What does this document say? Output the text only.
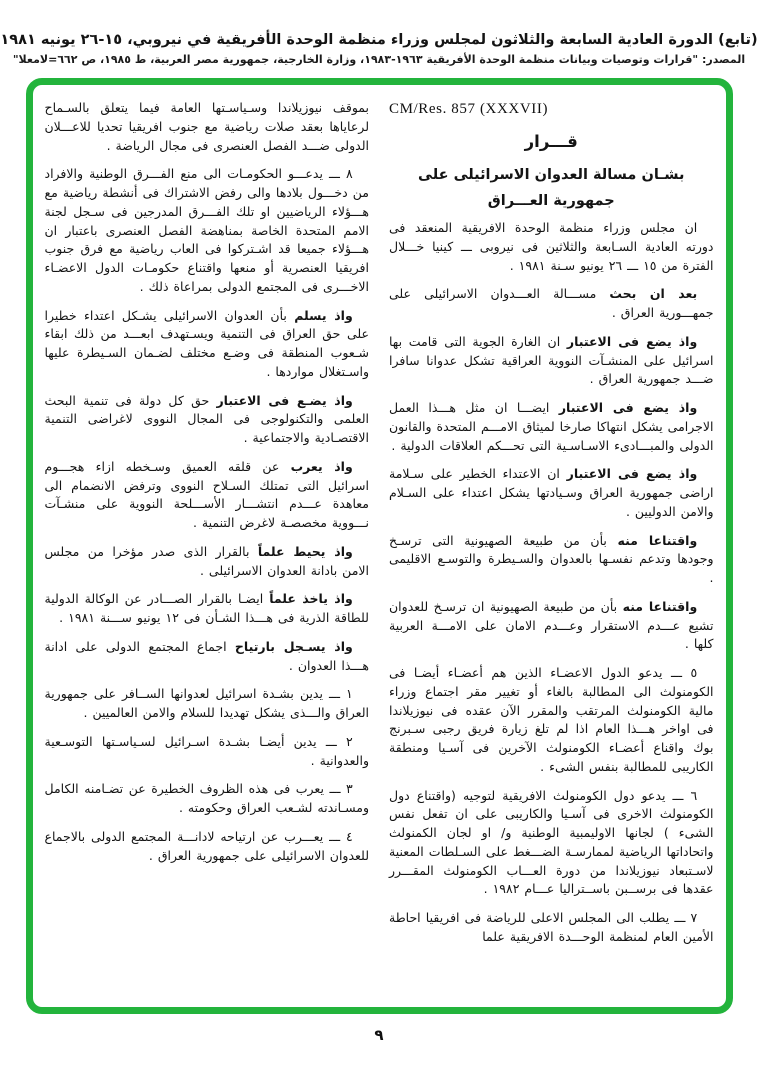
(تابع) الدورة العادية السابعة والثلاثون لمجلس وزراء منظمة الوحدة الأفريقية في نيروبي، ١٥-٢٦ يونيه ١٩٨١
المصدر: "قرارات وتوصيات وبيانات منظمة الوحدة الأفريقية ١٩٦٣-١٩٨٣، وزارة الخارجية، جمهورية مصر العربية، ط ١٩٨٥، ص ٦٦٢=لامعلا"
CM/Res. 857 (XXXVII)
قـــرار
بشـان مسالة العدوان الاسرائيلى على
جمهورية العـــراق

ان مجلس وزراء منظمة الوحدة الافريقية المنعقد فى دورته العادية السـابعة والثلاثين فى نيروبى ـــ كينيا خـــلال الفترة من ١٥ ـــ ٢٦ يونيو سـنة ١٩٨١ .

بعد ان بحث مســـالة العـــدوان الاسرائيلى على جمهـــورية العراق .

واذ يضع فى الاعتبار ان الغارة الجوية التى قامت بها اسرائيل على المنشـآت النووية العراقية تشكل عدوانا سافرا ضـــد جمهورية العراق .

واذ يضع فى الاعتبار ايضـــا ان مثل هـــذا العمل الاجرامى يشكل انتهاكا صارخا لميثاق الامـــم المتحدة والقانون الدولى والمبـــادىء الاسـاسـية التى تحـــكم العلاقات الدولية .

واذ يضع فى الاعتبار ان الاعتداء الخطير على سـلامة اراضى جمهورية العراق وسـيادتها يشكل اعتداء على السـلام والامن الدوليين .

واقتناعا منه بأن من طبيعة الصهيونية التى ترسـخ وجودها وتدعم نفسـها بالعدوان والسـيطرة والتوسـع الاقليمى .

واقتناعا منه بأن من طبيعة الصهيونية ان ترسـخ للعدوان تشيع عـــدم الاستقرار وعـــدم الامان على الامـــة العربية كلها .

٥ ـــ يدعو الدول الاعضـاء الذين هم أعضـاء أيضـا فى الكومنولث الى المطالبة بالغاء أو تغيير مقر اجتماع وزراء مالية الكومنولث المرتقب والمقرر الآن عقده فى نيوزيلاندا فى اواخر هـــذا العام اذا لم تلغ زيارة فريق رجبى سـبرنج بوك واقناع أعضـاء الكومنولث الآخرين فى آسـيا ومنطقة الكاريبى للمطالبة بنفس الشىء .

٦ ـــ يدعو دول الكومنولث الافريقية لتوجيه (واقتناع دول الكومنولث الاخرى فى آسـيا والكاريبى على ان تفعل نفس الشىء ) لجانها الاوليمبية الوطنية و/ او لجان الكمنولث واتحاداتها الرياضية لممارسـة الضـــغط على السـلطات المعنية لاسـتبعاد نيوزيلاندا من دورة العـــاب الكومنولث المقـــرر عقدها فى برســبن باســتراليا عـــام ١٩٨٢ .

٧ ـــ يطلب الى المجلس الاعلى للرياضة فى افريقيا احاطة الأمين العام لمنظمة الوحـــدة الافريقية علما

بموقف نيوزيلاندا وسـياسـتها العامة فيما يتعلق بالسـماح لرعاياها بعقد صلات رياضية مع جنوب افريقيا تحديا للاعـــلان الدولى ضـــد الفصل العنصرى فى مجال الرياضة .

٨ ـــ يدعـــو الحكومـات الى منع الفـــرق الوطنية والافراد من دخـــول بلادها والى رفض الاشتراك فى أنشطة رياضية مع هـــؤلاء الرياضيين او تلك الفـــرق المدرجين فى سـجل لجنة الامم المتحدة الخاصة بمناهضة الفصل العنصرى باعتبار ان هـــؤلاء جميعا قد اشـتركوا فى العاب رياضية مع فرق جنوب افريقيا العنصرية أو منعها واقتناع حكومـات الدول الاعضـاء الاخـــرى فى المجتمع الدولى بمراعاة ذلك .

واذ يسلم بأن العدوان الاسرائيلى يشـكل اعتداء خطيرا على حق العراق فى التنمية ويسـتهدف ابعـــد من ذلك ابقاء شـعوب المنطقة فى وضـع مختلف لضـمان السـيطرة عليها واسـتغلال مواردها .

واذ يضـع فى الاعتبار حق كل دولة فى تنمية البحث العلمى والتكنولوجى فى المجال النووى لاغراضى التنمية الاقتصـادية والاجتماعية .

واذ يعرب عن قلقه العميق وسـخطه ازاء هجـــوم اسرائيل التى تمتلك السـلاح النووى وترفض الانضمام الى معاهدة عـــدم انتشـــار الأســـلحة النووية على منشـآت نـــووية مخصصـة لاغرض التنمية .

واذ يحيط علماً بالقرار الذى صدر مؤخرا من مجلس الامن بادانة العدوان الاسرائيلى .

واذ ياخذ علماً ايضـا بالقرار الصـــادر عن الوكالة الدولية للطاقة الذرية فى هـــذا الشـأن فى ١٢ يونيو ســـنة ١٩٨١ .

واذ يسـجل بارتياح اجماع المجتمع الدولى على ادانة هـــذا العدوان .

١ ـــ يدين بشـدة اسرائيل لعدوانها الســافر على جمهورية العراق والـــذى يشكل تهديدا للسلام والامن العالميين .

٢ ـــ يدين أيضـا بشـدة اسـرائيل لسـياسـتها التوسـعية والعدوانية .

٣ ـــ يعرب فى هذه الظروف الخطيرة عن تضـامنه الكامل ومسـاندته لشـعب العراق وحكومته .

٤ ـــ يعـــرب عن ارتياحه لادانـــة المجتمع الدولى بالاجماع للعدوان الاسرائيلى على جمهورية العراق .

٩
